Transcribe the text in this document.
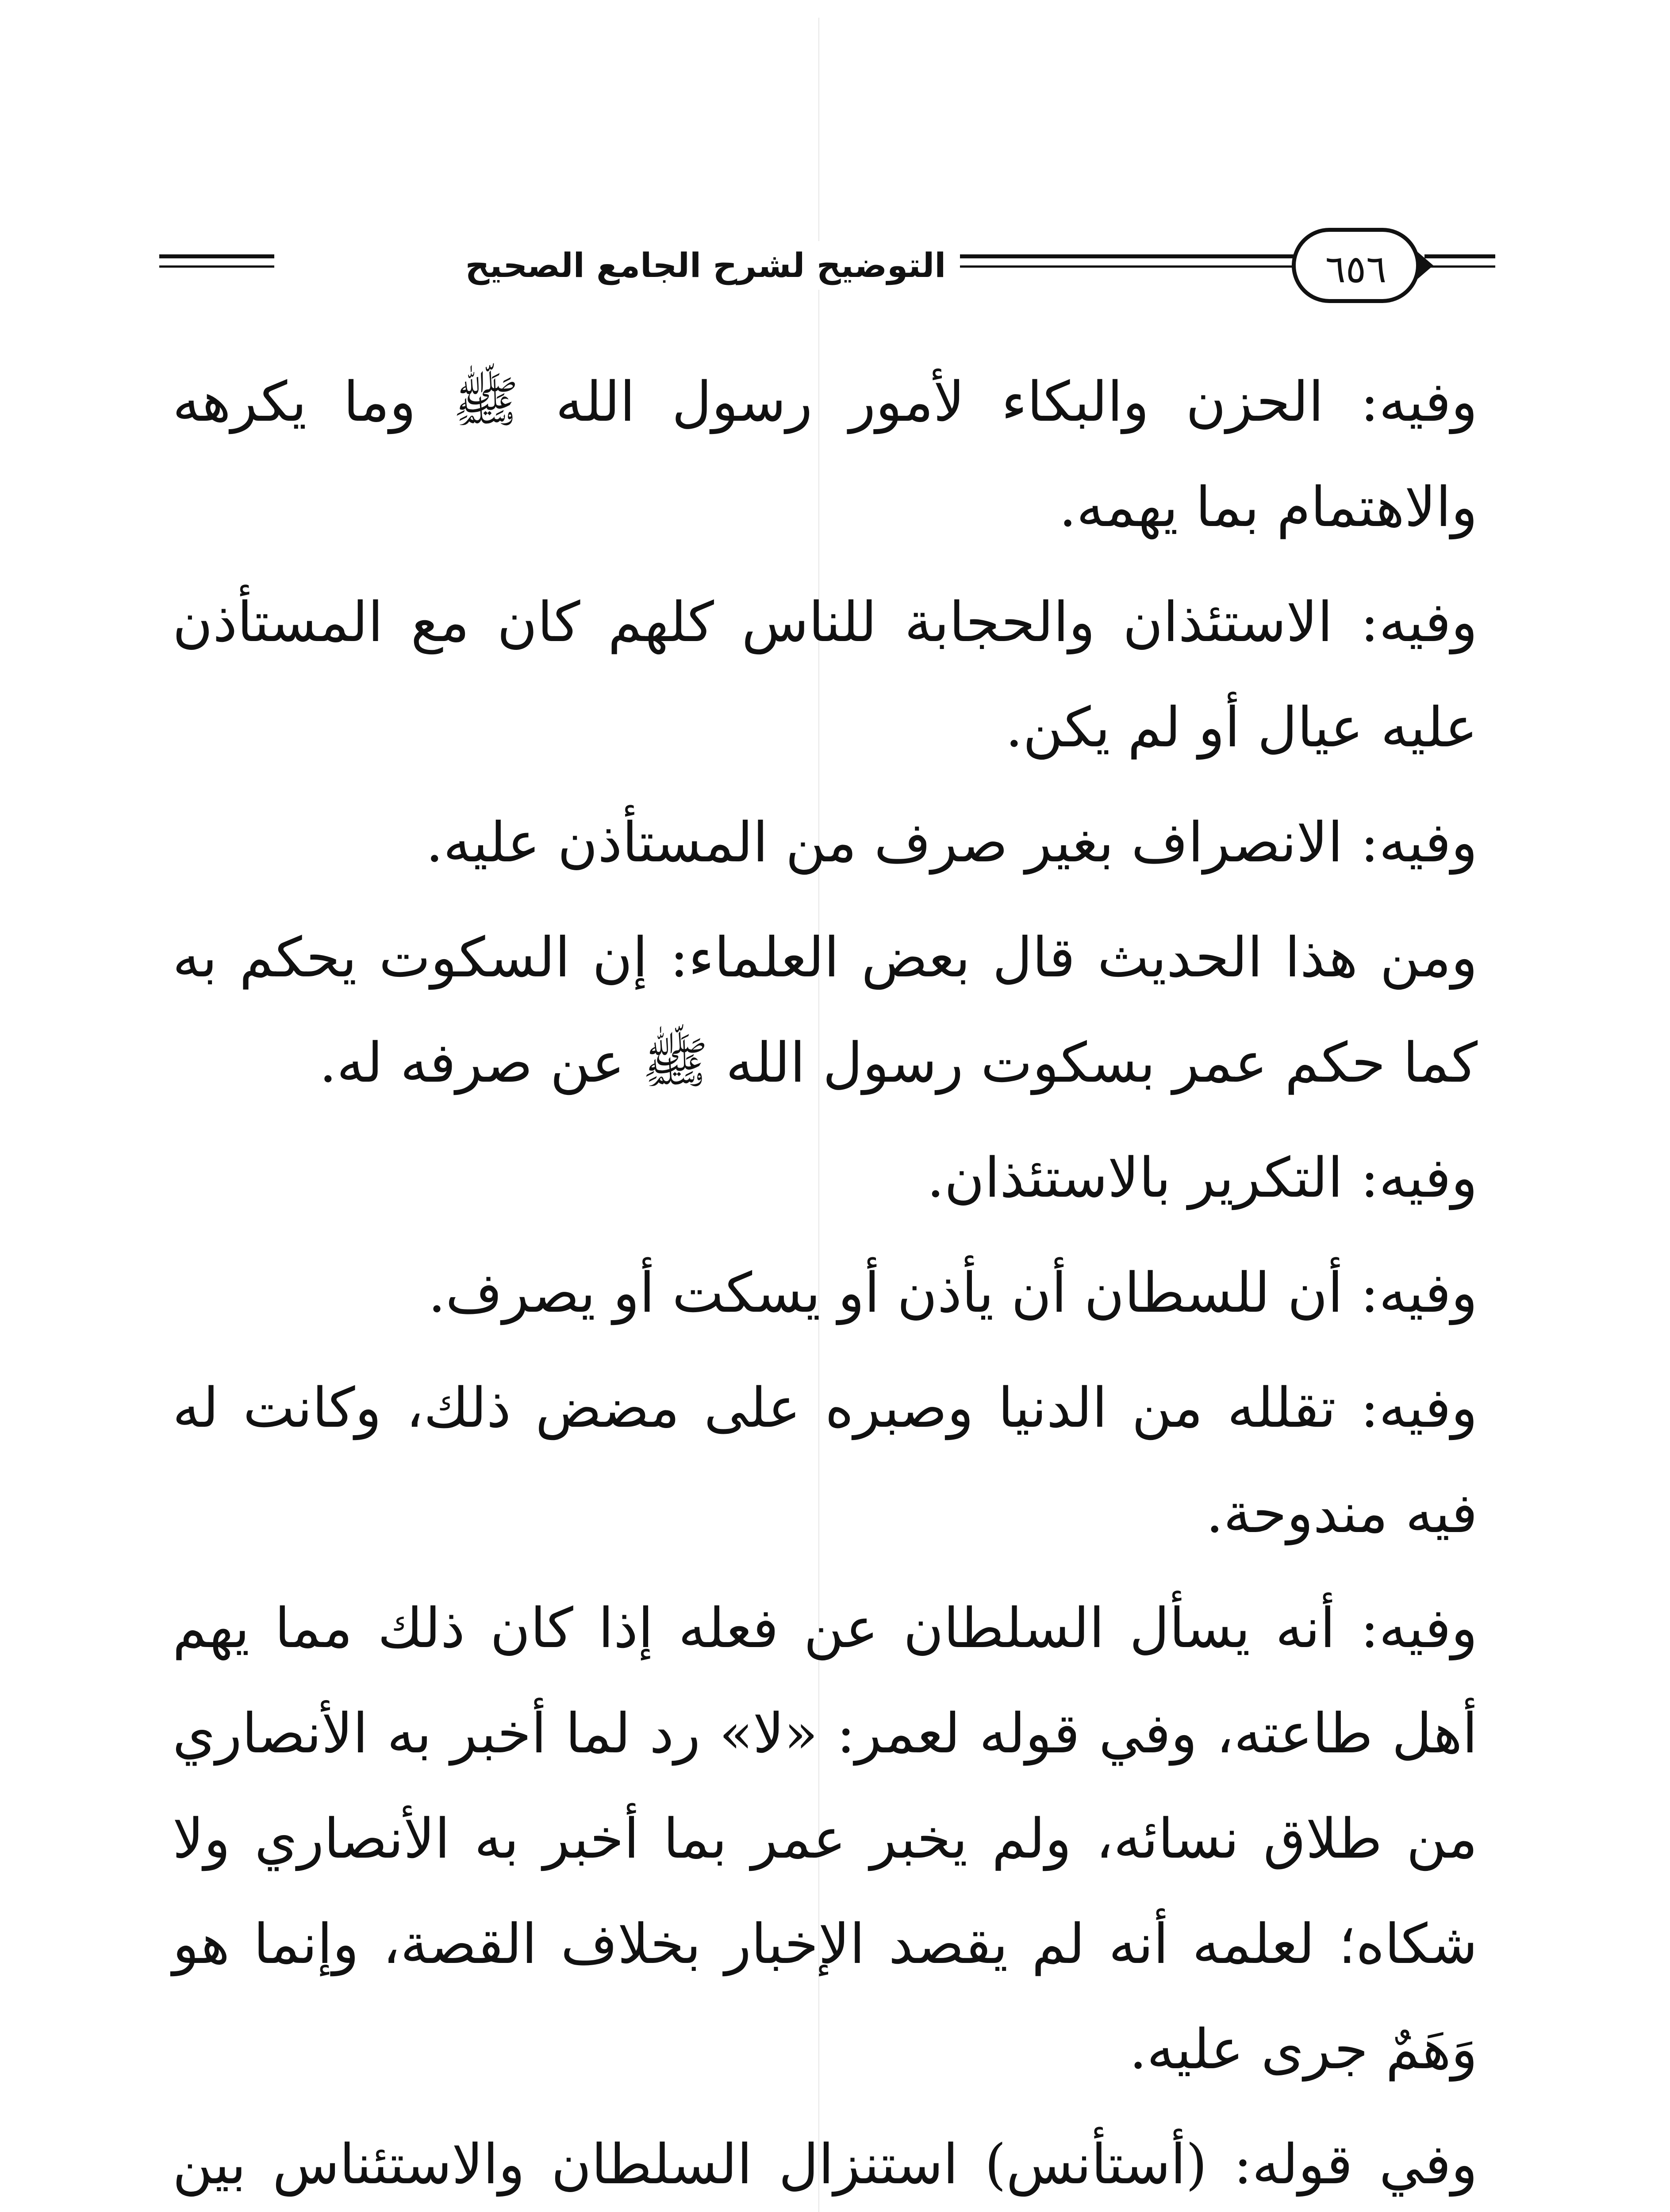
التوضيح لشرح الجامع الصحيح	٦٥٦

وفيه: الحزن والبكاء لأمور رسول الله ﷺ وما يكرهه والاهتمام بما يهمه.

وفيه: الاستئذان والحجابة للناس كلهم كان مع المستأذن عليه عيال أو لم يكن.

وفيه: الانصراف بغير صرف من المستأذن عليه.

ومن هذا الحديث قال بعض العلماء: إن السكوت يحكم به كما حكم عمر بسكوت رسول الله ﷺ عن صرفه له.

وفيه: التكرير بالاستئذان.

وفيه: أن للسطان أن يأذن أو يسكت أو يصرف.

وفيه: تقلله من الدنيا وصبره على مضض ذلك، وكانت له فيه مندوحة.

وفيه: أنه يسأل السلطان عن فعله إذا كان ذلك مما يهم أهل طاعته، وفي قوله لعمر: «لا» رد لما أخبر به الأنصاري من طلاق نسائه، ولم يخبر عمر بما أخبر به الأنصاري ولا شكاه؛ لعلمه أنه لم يقصد الإخبار بخلاف القصة، وإنما هو وَهَمٌ جرى عليه.

وفي قوله: (أستأنس) استنزال السلطان والاستئناس بين
